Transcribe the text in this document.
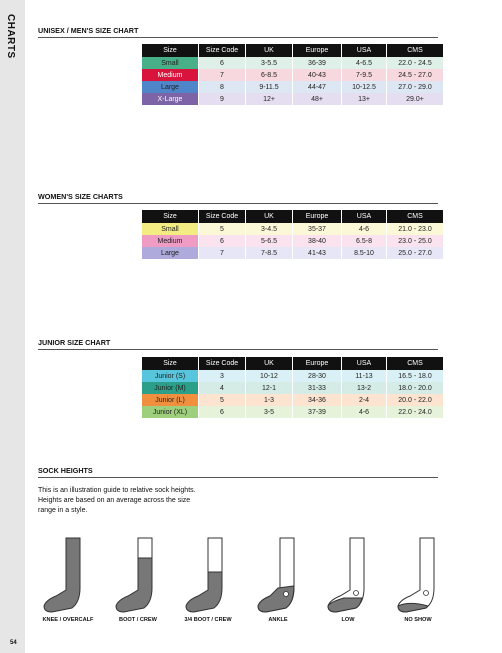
CHARTS
54
UNISEX / MEN'S SIZE CHART
Size	Size Code	UK	Europe	USA	CMS
Small	6	3-5.5	36-39	4-6.5	22.0 - 24.5
Medium	7	6-8.5	40-43	7-9.5	24.5 - 27.0
Large	8	9-11.5	44-47	10-12.5	27.0 - 29.0
X-Large	9	12+	48+	13+	29.0+
WOMEN'S SIZE CHARTS
Size	Size Code	UK	Europe	USA	CMS
Small	5	3-4.5	35-37	4-6	21.0 - 23.0
Medium	6	5-6.5	38-40	6.5-8	23.0 - 25.0
Large	7	7-8.5	41-43	8.5-10	25.0 - 27.0
JUNIOR SIZE CHART
Size	Size Code	UK	Europe	USA	CMS
Junior (S)	3	10-12	28-30	11-13	16.5 - 18.0
Junior (M)	4	12-1	31-33	13-2	18.0 - 20.0
Junior (L)	5	1-3	34-36	2-4	20.0 - 22.0
Junior (XL)	6	3-5	37-39	4-6	22.0 - 24.0
SOCK HEIGHTS
This is an illustration guide to relative sock heights.
Heights are based on an average across the size
range in a style.
KNEE / OVERCALF	BOOT / CREW	3/4 BOOT / CREW	ANKLE	LOW	NO SHOW
